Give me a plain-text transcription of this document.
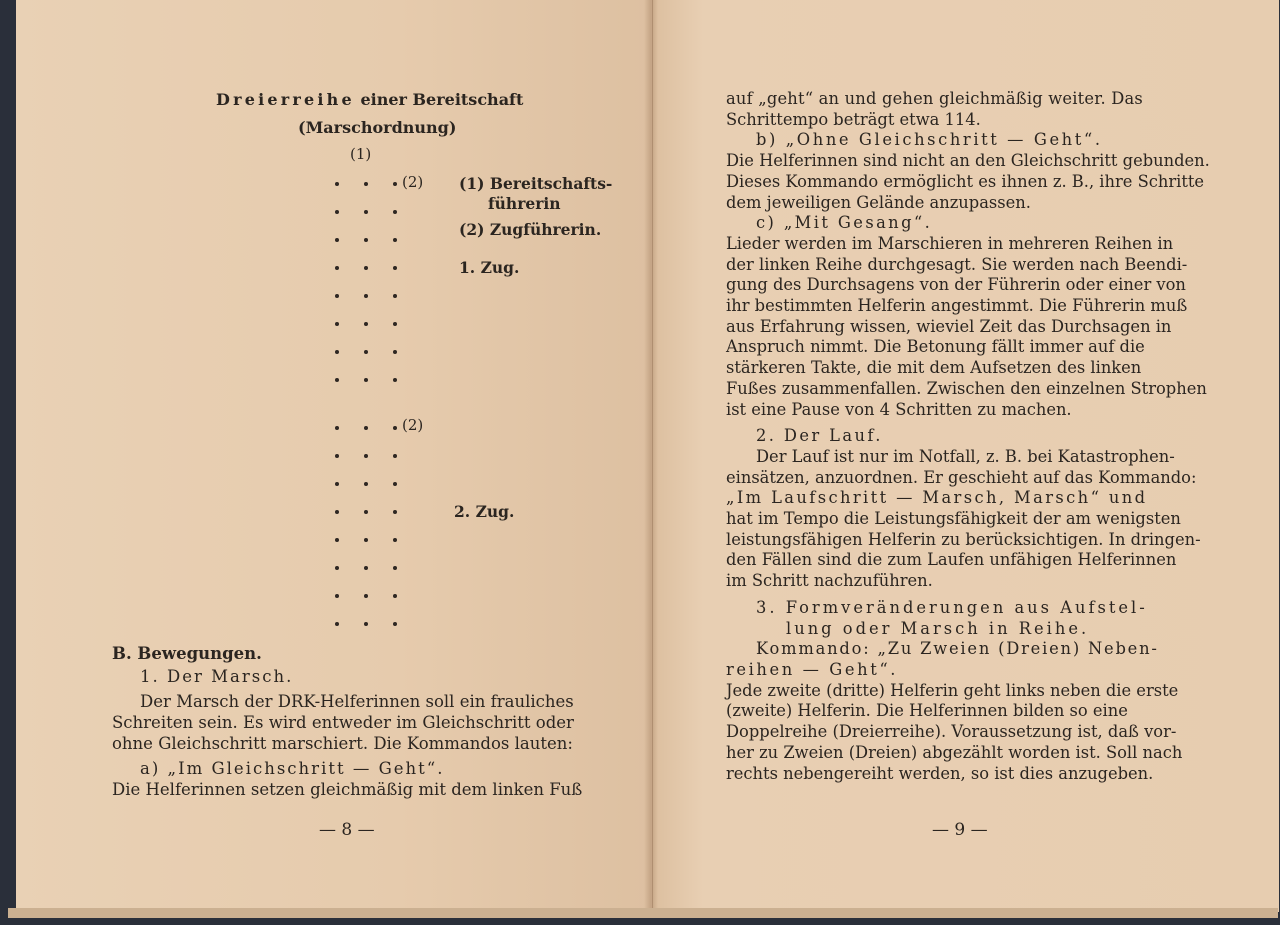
Dreierreihe einer Bereitschaft
(Marschordnung)
(1)
(2)
(2)
(1) Bereitschafts-
führerin
(2) Zugführerin.
1. Zug.
2. Zug.
B. Bewegungen.
1. Der Marsch.
Der Marsch der DRK-Helferinnen soll ein frauliches
Schreiten sein. Es wird entweder im Gleichschritt oder
ohne Gleichschritt marschiert. Die Kommandos lauten:
a) „Im Gleichschritt — Geht“.
Die Helferinnen setzen gleichmäßig mit dem linken Fuß
— 8 —	— 9 —
auf „geht“ an und gehen gleichmäßig weiter. Das
Schrittempo beträgt etwa 114.
b) „Ohne Gleichschritt — Geht“.
Die Helferinnen sind nicht an den Gleichschritt gebunden.
Dieses Kommando ermöglicht es ihnen z. B., ihre Schritte
dem jeweiligen Gelände anzupassen.
c) „Mit Gesang“.
Lieder werden im Marschieren in mehreren Reihen in
der linken Reihe durchgesagt. Sie werden nach Beendi-
gung des Durchsagens von der Führerin oder einer von
ihr bestimmten Helferin angestimmt. Die Führerin muß
aus Erfahrung wissen, wieviel Zeit das Durchsagen in
Anspruch nimmt. Die Betonung fällt immer auf die
stärkeren Takte, die mit dem Aufsetzen des linken
Fußes zusammenfallen. Zwischen den einzelnen Strophen
ist eine Pause von 4 Schritten zu machen.
2. Der Lauf.
Der Lauf ist nur im Notfall, z. B. bei Katastrophen-
einsätzen, anzuordnen. Er geschieht auf das Kommando:
„Im Laufschritt — Marsch, Marsch“ und
hat im Tempo die Leistungsfähigkeit der am wenigsten
leistungsfähigen Helferin zu berücksichtigen. In dringen-
den Fällen sind die zum Laufen unfähigen Helferinnen
im Schritt nachzuführen.
3. Formveränderungen aus Aufstel-
lung oder Marsch in Reihe.
Kommando: „Zu Zweien (Dreien) Neben-
reihen — Geht“.
Jede zweite (dritte) Helferin geht links neben die erste
(zweite) Helferin. Die Helferinnen bilden so eine
Doppelreihe (Dreierreihe). Voraussetzung ist, daß vor-
her zu Zweien (Dreien) abgezählt worden ist. Soll nach
rechts nebengereiht werden, so ist dies anzugeben.
